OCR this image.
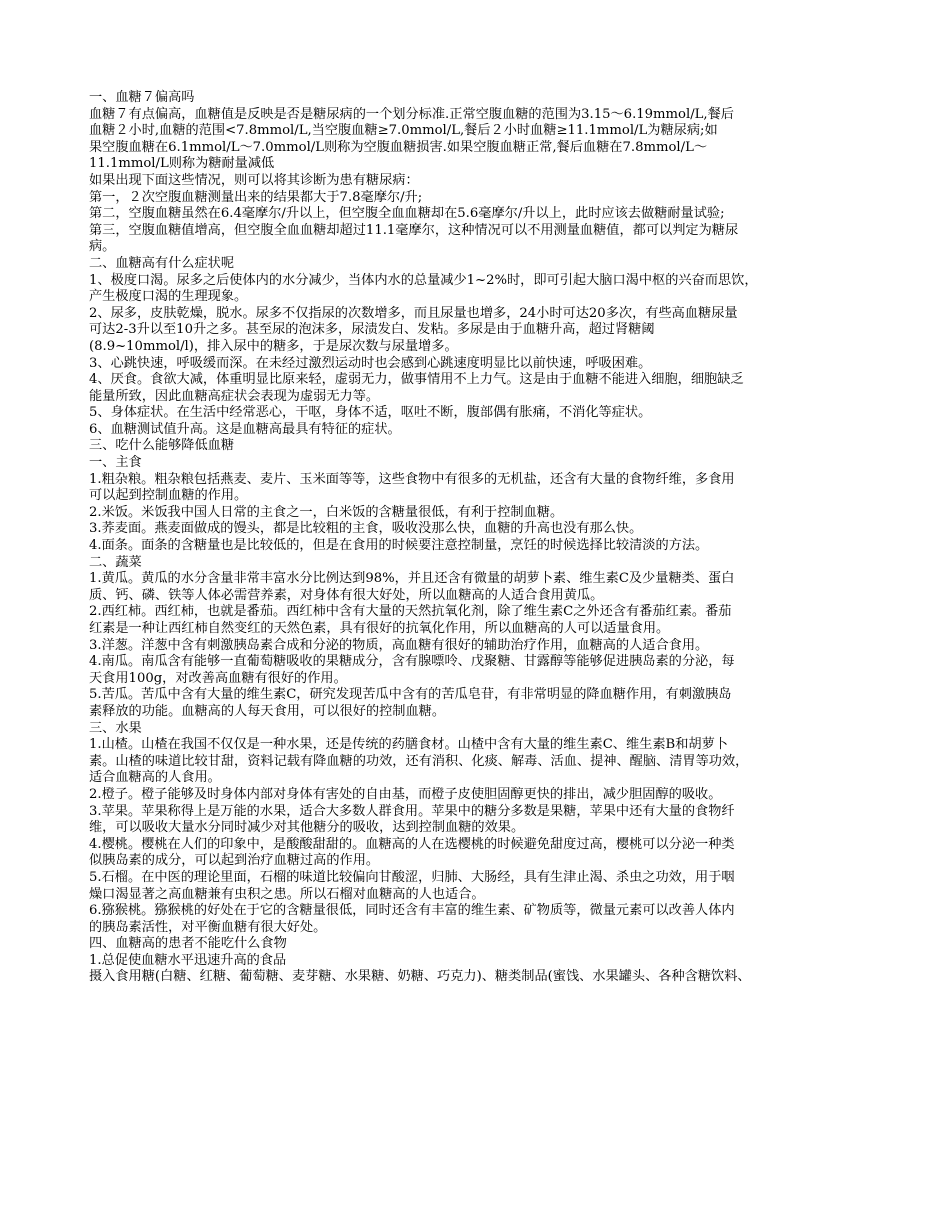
一、血糖７偏高吗
血糖７有点偏高，血糖值是反映是否是糖尿病的一个划分标准.正常空腹血糖的范围为3.15～6.19mmol/L,餐后
血糖２小时,血糖的范围<7.8mmol/L,当空腹血糖≥7.0mmol/L,餐后２小时血糖≥11.1mmol/L为糖尿病;如
果空腹血糖在6.1mmol/L～7.0mmol/L则称为空腹血糖损害.如果空腹血糖正常,餐后血糖在7.8mmol/L～
11.1mmol/L则称为糖耐量减低
如果出现下面这些情况，则可以将其诊断为患有糖尿病：
第一，２次空腹血糖测量出来的结果都大于7.8毫摩尔/升;
第二，空腹血糖虽然在6.4毫摩尔/升以上，但空腹全血血糖却在5.6毫摩尔/升以上，此时应该去做糖耐量试验;
第三，空腹血糖值增高，但空腹全血血糖却超过11.1毫摩尔，这种情况可以不用测量血糖值，都可以判定为糖尿
病。
二、血糖高有什么症状呢
1、极度口渴。尿多之后使体内的水分减少，当体内水的总量减少1~2%时，即可引起大脑口渴中枢的兴奋而思饮，
产生极度口渴的生理现象。
2、尿多，皮肤乾燥，脱水。尿多不仅指尿的次数增多，而且尿量也增多，24小时可达20多次，有些高血糖尿量
可达2-3升以至10升之多。甚至尿的泡沫多，尿渍发白、发粘。多尿是由于血糖升高，超过肾糖阈
(8.9~10mmol/l)，排入尿中的糖多，于是尿次数与尿量增多。
3、心跳快速，呼吸缓而深。在未经过激烈运动时也会感到心跳速度明显比以前快速，呼吸困难。
4、厌食。食欲大减，体重明显比原来轻，虚弱无力，做事情用不上力气。这是由于血糖不能进入细胞，细胞缺乏
能量所致，因此血糖高症状会表现为虚弱无力等。
5、身体症状。在生活中经常恶心，干呕，身体不适，呕吐不断，腹部偶有胀痛，不消化等症状。
6、血糖测试值升高。这是血糖高最具有特征的症状。
三、吃什么能够降低血糖
一、主食
1.粗杂粮。粗杂粮包括燕麦、麦片、玉米面等等，这些食物中有很多的无机盐，还含有大量的食物纤维，多食用
可以起到控制血糖的作用。
2.米饭。米饭我中国人日常的主食之一，白米饭的含糖量很低，有利于控制血糖。
3.荞麦面。燕麦面做成的馒头，都是比较粗的主食，吸收没那么快，血糖的升高也没有那么快。
4.面条。面条的含糖量也是比较低的，但是在食用的时候要注意控制量，烹饪的时候选择比较清淡的方法。
二、蔬菜
1.黄瓜。黄瓜的水分含量非常丰富水分比例达到98%，并且还含有微量的胡萝卜素、维生素C及少量糖类、蛋白
质、钙、磷、铁等人体必需营养素，对身体有很大好处，所以血糖高的人适合食用黄瓜。
2.西红柿。西红柿，也就是番茄。西红柿中含有大量的天然抗氧化剂，除了维生素C之外还含有番茄红素。番茄
红素是一种让西红柿自然变红的天然色素，具有很好的抗氧化作用，所以血糖高的人可以适量食用。
3.洋葱。洋葱中含有刺激胰岛素合成和分泌的物质，高血糖有很好的辅助治疗作用，血糖高的人适合食用。
4.南瓜。南瓜含有能够一直葡萄糖吸收的果糖成分，含有腺嘌呤、戊聚糖、甘露醇等能够促进胰岛素的分泌，每
天食用100g，对改善高血糖有很好的作用。
5.苦瓜。苦瓜中含有大量的维生素C，研究发现苦瓜中含有的苦瓜皂苷，有非常明显的降血糖作用，有刺激胰岛
素释放的功能。血糖高的人每天食用，可以很好的控制血糖。
三、水果
1.山楂。山楂在我国不仅仅是一种水果，还是传统的药膳食材。山楂中含有大量的维生素C、维生素B和胡萝卜
素。山楂的味道比较甘甜，资料记载有降血糖的功效，还有消积、化痰、解毒、活血、提神、醒脑、清胃等功效，
适合血糖高的人食用。
2.橙子。橙子能够及时身体内部对身体有害处的自由基，而橙子皮使胆固醇更快的排出，减少胆固醇的吸收。
3.苹果。苹果称得上是万能的水果，适合大多数人群食用。苹果中的糖分多数是果糖，苹果中还有大量的食物纤
维，可以吸收大量水分同时减少对其他糖分的吸收，达到控制血糖的效果。
4.樱桃。樱桃在人们的印象中，是酸酸甜甜的。血糖高的人在选樱桃的时候避免甜度过高，樱桃可以分泌一种类
似胰岛素的成分，可以起到治疗血糖过高的作用。
5.石榴。在中医的理论里面，石榴的味道比较偏向甘酸涩，归肺、大肠经，具有生津止渴、杀虫之功效，用于咽
燥口渴显著之高血糖兼有虫积之患。所以石榴对血糖高的人也适合。
6.猕猴桃。猕猴桃的好处在于它的含糖量很低，同时还含有丰富的维生素、矿物质等，微量元素可以改善人体内
的胰岛素活性，对平衡血糖有很大好处。
四、血糖高的患者不能吃什么食物
1.总促使血糖水平迅速升高的食品
摄入食用糖(白糖、红糖、葡萄糖、麦芽糖、水果糖、奶糖、巧克力)、糖类制品(蜜饯、水果罐头、各种含糖饮料、
